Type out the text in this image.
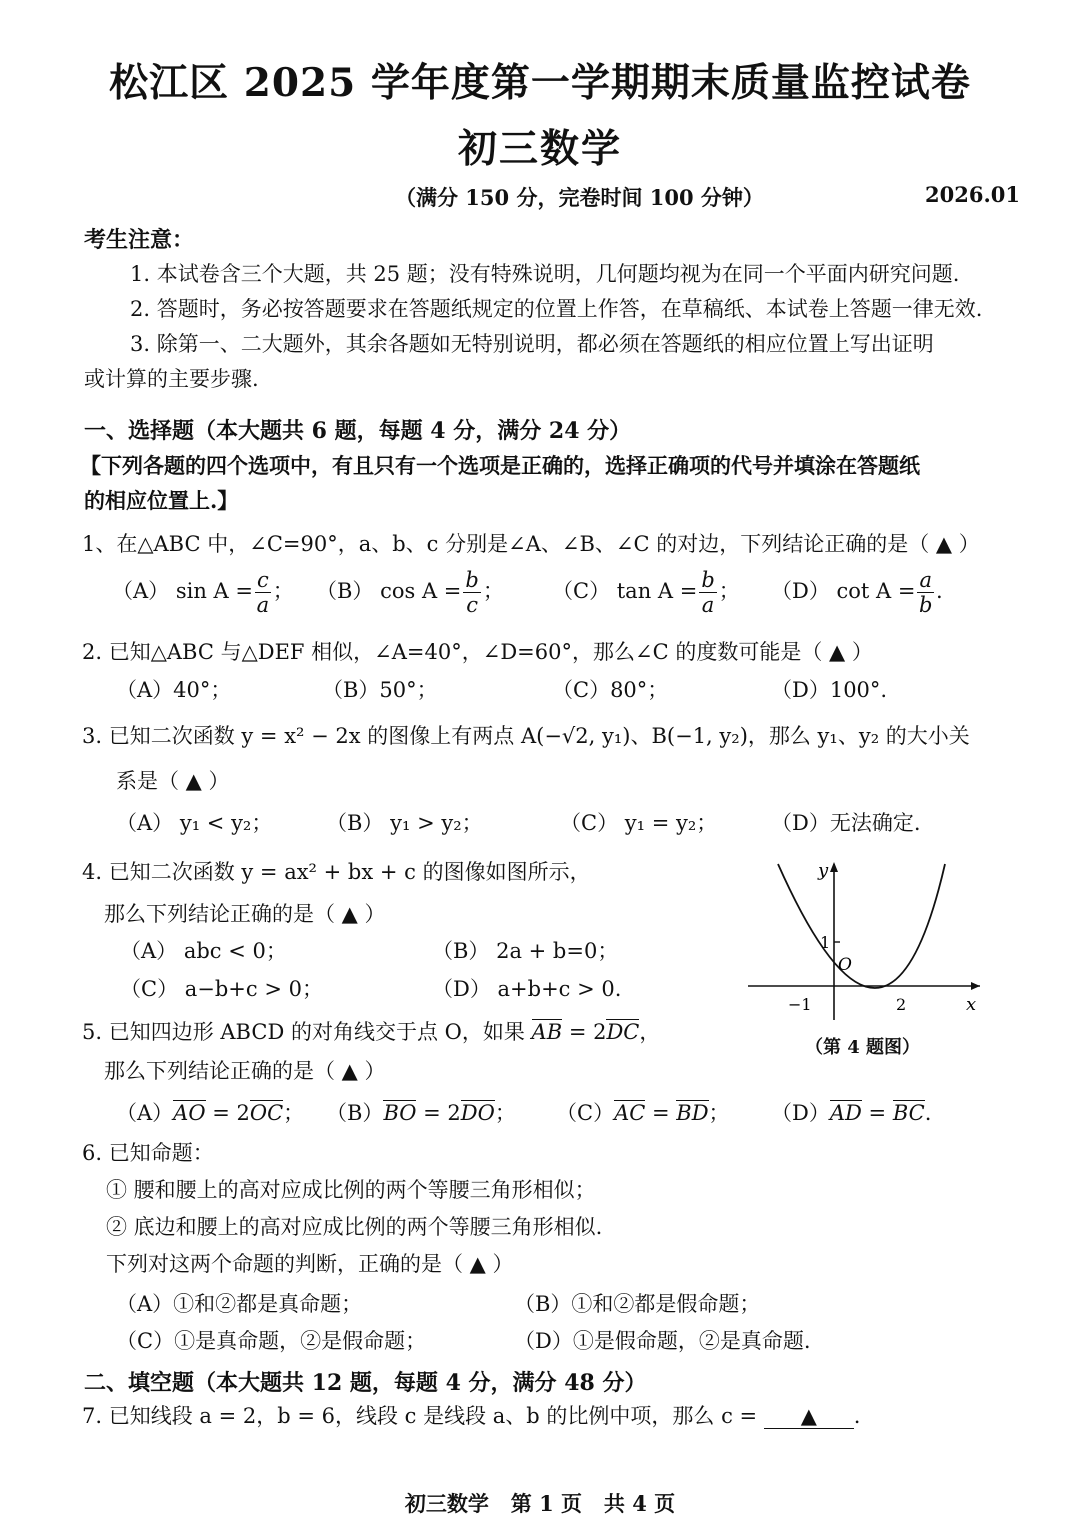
松江区 2025 学年度第一学期期末质量监控试卷
初三数学
（满分 150 分，完卷时间 100 分钟）	2026.01
考生注意：
1. 本试卷含三个大题，共 25 题；没有特殊说明，几何题均视为在同一个平面内研究问题.
2. 答题时，务必按答题要求在答题纸规定的位置上作答，在草稿纸、本试卷上答题一律无效.
3. 除第一、二大题外，其余各题如无特别说明，都必须在答题纸的相应位置上写出证明
或计算的主要步骤.
一、选择题（本大题共 6 题，每题 4 分，满分 24 分）
【下列各题的四个选项中，有且只有一个选项是正确的，选择正确项的代号并填涂在答题纸
的相应位置上.】
1、在△ABC 中，∠C=90°，a、b、c 分别是∠A、∠B、∠C 的对边，下列结论正确的是（ ▲ ）
（A） $\sin A = \frac{c}{a}$ ； （B） $\cos A = \frac{b}{c}$ ； （C） $\tan A = \frac{b}{a}$ ； （D） $\cot A = \frac{a}{b}$ .
2. 已知△ABC 与△DEF 相似，∠A=40°，∠D=60°，那么∠C 的度数可能是（ ▲ ）
（A）40°；	（B）50°；	（C）80°；	（D）100°.
3. 已知二次函数 y = x² − 2x 的图像上有两点 A(−√2, y₁)、B(−1, y₂)，那么 y₁、y₂ 的大小关
系是（ ▲ ）
（A） y₁ < y₂；	（B） y₁ > y₂；	（C） y₁ = y₂；	（D）无法确定.
4. 已知二次函数 y = ax² + bx + c 的图像如图所示，
那么下列结论正确的是（ ▲ ）
（A） abc < 0；	（B） 2a + b=0；
（C） a−b+c > 0；	（D） a+b+c > 0.
y
x
O
1
−1	2
（第 4 题图）
5. 已知四边形 ABCD 的对角线交于点 O，如果 AB = 2DC，
那么下列结论正确的是（ ▲ ）
（A）AO = 2OC； （B）BO = 2DO； （C）AC = BD； （D）AD = BC.
6. 已知命题：
① 腰和腰上的高对应成比例的两个等腰三角形相似；
② 底边和腰上的高对应成比例的两个等腰三角形相似.
下列对这两个命题的判断，正确的是（ ▲ ）
（A）①和②都是真命题；	（B）①和②都是假命题；
（C）①是真命题，②是假命题；	（D）①是假命题，②是真命题.
二、填空题（本大题共 12 题，每题 4 分，满分 48 分）
7. 已知线段 a = 2，b = 6，线段 c 是线段 a、b 的比例中项，那么 c = ▲ .
初三数学   第 1 页   共 4 页
